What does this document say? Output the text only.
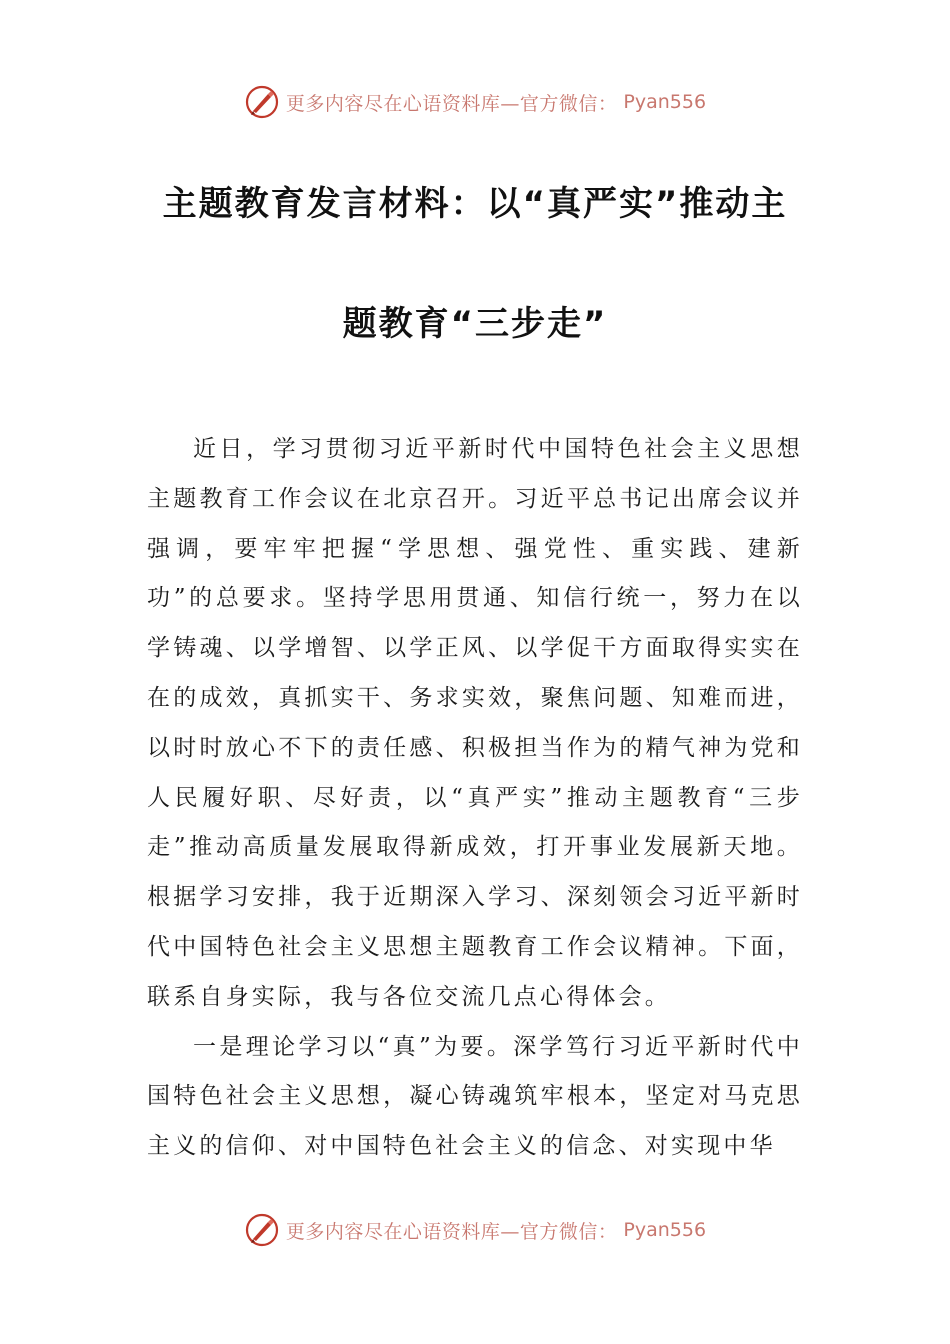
更多内容尽在心语资料库—官方微信： Pyan556
主题教育发言材料：以“真严实”推动主
题教育“三步走”

近日，学习贯彻习近平新时代中国特色社会主义思想主题教育工作会议在北京召开。习近平总书记出席会议并强调，要牢牢把握“学思想、强党性、重实践、建新功”的总要求。坚持学思用贯通、知信行统一，努力在以学铸魂、以学增智、以学正风、以学促干方面取得实实在在的成效，真抓实干、务求实效，聚焦问题、知难而进，以时时放心不下的责任感、积极担当作为的精气神为党和人民履好职、尽好责，以“真严实”推动主题教育“三步走”推动高质量发展取得新成效，打开事业发展新天地。根据学习安排，我于近期深入学习、深刻领会习近平新时代中国特色社会主义思想主题教育工作会议精神。下面，联系自身实际，我与各位交流几点心得体会。

一是理论学习以“真”为要。深学笃行习近平新时代中国特色社会主义思想，凝心铸魂筑牢根本，坚定对马克思主义的信仰、对中国特色社会主义的信念、对实现中华

更多内容尽在心语资料库—官方微信： Pyan556
